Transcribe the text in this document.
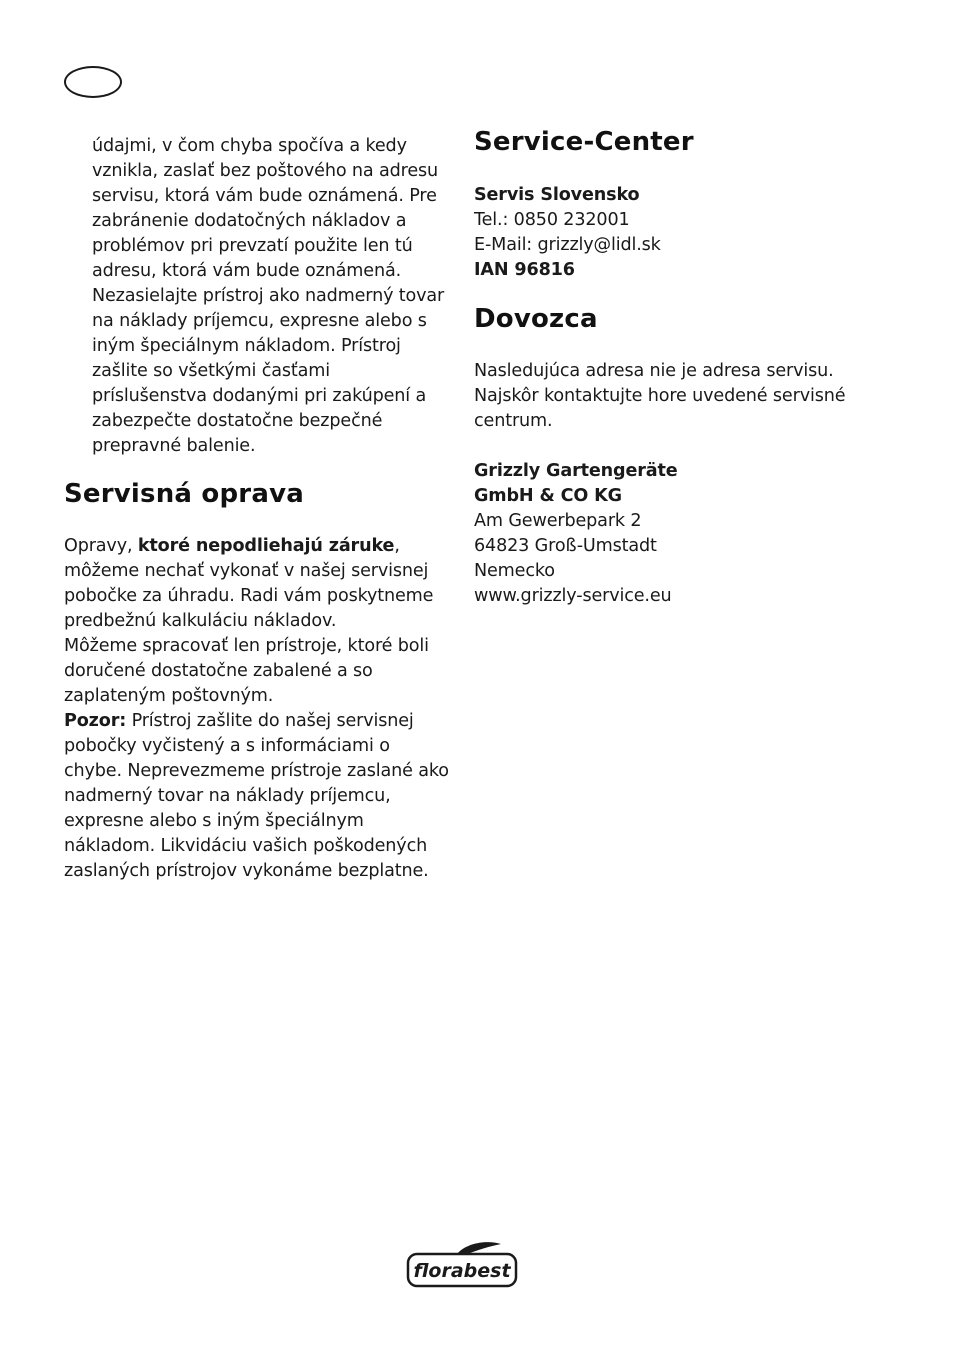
údajmi, v čom chyba spočíva a kedy vznikla, zaslať bez poštového na adresu servisu, ktorá vám bude oznámená. Pre zabránenie dodatočných nákladov a problémov pri prevzatí použite len tú adresu, ktorá vám bude oznámená. Nezasielajte prístroj ako nadmerný tovar na náklady príjemcu, expresne alebo s iným špeciálnym nákladom. Prístroj zašlite so všetkými časťami príslušenstva dodanými pri zakúpení a zabezpečte dostatočne bezpečné prepravné balenie.

Servisná oprava

Opravy, ktoré nepodliehajú záruke, môžeme nechať vykonať v našej servisnej pobočke za úhradu. Radi vám poskytneme predbežnú kalkuláciu nákladov.

Môžeme spracovať len prístroje, ktoré boli doručené dostatočne zabalené a so zaplateným poštovným.

Pozor: Prístroj zašlite do našej servisnej pobočky vyčistený a s informáciami o chybe. Neprevezmeme prístroje zaslané ako nadmerný tovar na náklady príjemcu, expresne alebo s iným špeciálnym nákladom. Likvidáciu vašich poškodených zaslaných prístrojov vykonáme bezplatne.

Service-Center

Servis Slovensko

Tel.: 0850 232001

E-Mail: grizzly@lidl.sk

IAN 96816

Dovozca

Nasledujúca adresa nie je adresa servisu. Najskôr kontaktujte hore uvedené servisné centrum.

Grizzly Gartengeräte

GmbH & CO KG

Am Gewerbepark 2

64823 Groß-Umstadt

Nemecko

www.grizzly-service.eu

florabest
